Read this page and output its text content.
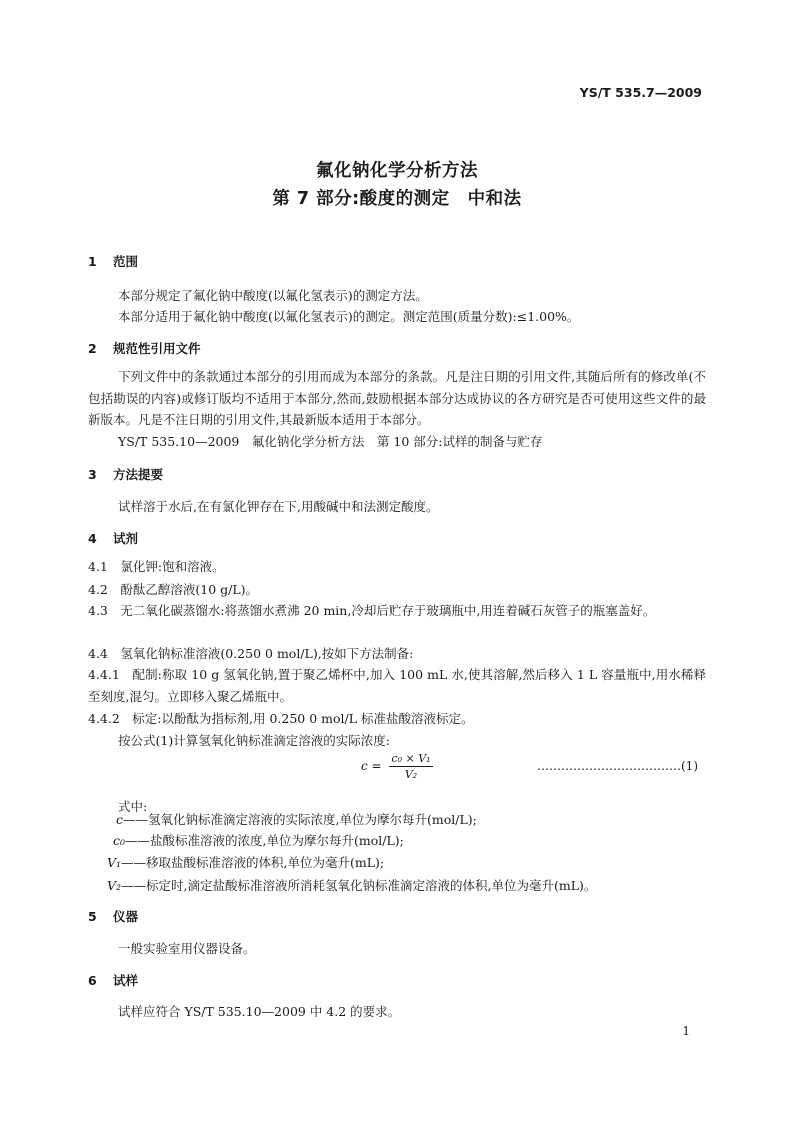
YS/T 535.7—2009
氟化钠化学分析方法
第 7 部分:酸度的测定　中和法
1 范围
本部分规定了氟化钠中酸度(以氟化氢表示)的测定方法。
本部分适用于氟化钠中酸度(以氟化氢表示)的测定。测定范围(质量分数):≤1.00%。
2 规范性引用文件
下列文件中的条款通过本部分的引用而成为本部分的条款。凡是注日期的引用文件,其随后所有的修改单(不包括勘误的内容)或修订版均不适用于本部分,然而,鼓励根据本部分达成协议的各方研究是否可使用这些文件的最新版本。凡是不注日期的引用文件,其最新版本适用于本部分。
YS/T 535.10—2009　氟化钠化学分析方法　第 10 部分:试样的制备与贮存
3 方法提要
试样溶于水后,在有氯化钾存在下,用酸碱中和法测定酸度。
4 试剂
4.1　氯化钾:饱和溶液。
4.2　酚酞乙醇溶液(10 g/L)。
4.3　无二氧化碳蒸馏水:将蒸馏水煮沸 20 min,冷却后贮存于玻璃瓶中,用连着碱石灰管子的瓶塞盖好。
4.4　氢氧化钠标准溶液(0.250 0 mol/L),按如下方法制备:
4.4.1　配制:称取 10 g 氢氧化钠,置于聚乙烯杯中,加入 100 mL 水,使其溶解,然后移入 1 L 容量瓶中,用水稀释至刻度,混匀。立即移入聚乙烯瓶中。
4.4.2　标定:以酚酞为指标剂,用 0.250 0 mol/L 标准盐酸溶液标定。
按公式(1)计算氢氧化钠标准滴定溶液的实际浓度:
$c = \frac{\text{c₀ × V₁}}{\text{V₂}}$	………………………………(1)
式中:
c——氢氧化钠标准滴定溶液的实际浓度,单位为摩尔每升(mol/L);
c₀——盐酸标准溶液的浓度,单位为摩尔每升(mol/L);
V₁——移取盐酸标准溶液的体积,单位为毫升(mL);
V₂——标定时,滴定盐酸标准溶液所消耗氢氧化钠标准滴定溶液的体积,单位为毫升(mL)。
5 仪器
一般实验室用仪器设备。
6 试样
试样应符合 YS/T 535.10—2009 中 4.2 的要求。
1
